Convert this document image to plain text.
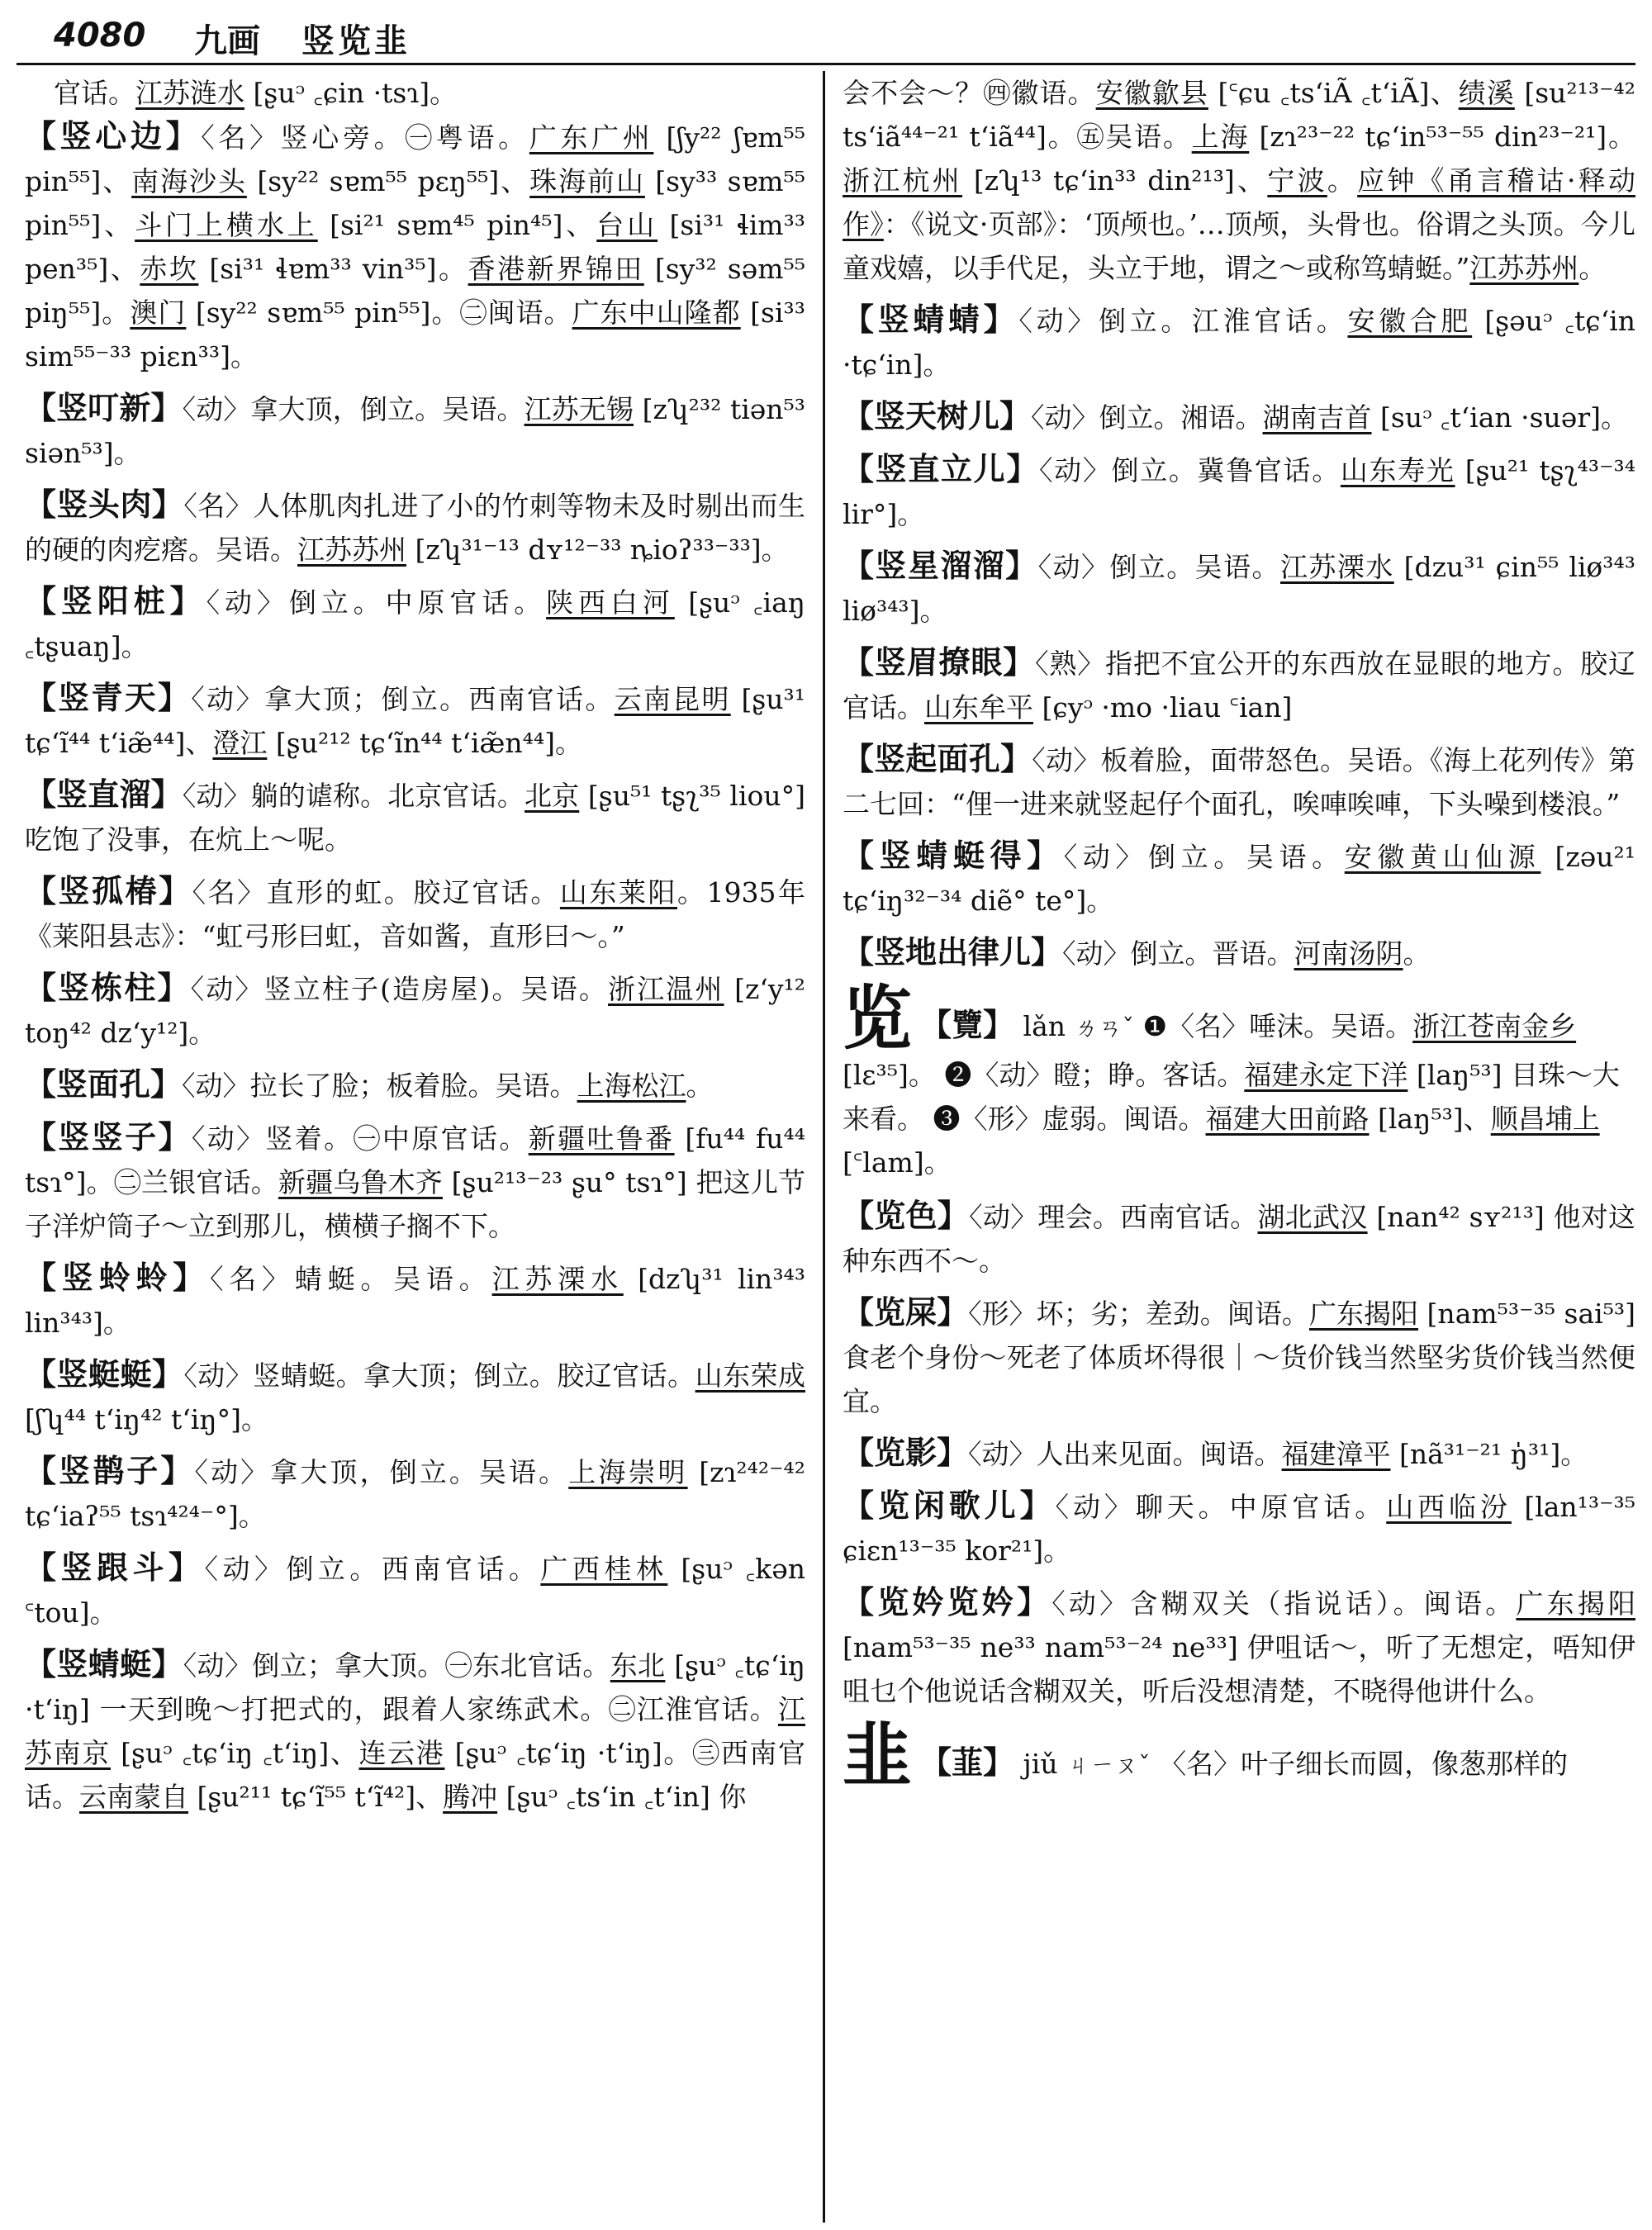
4080 九画 竖览韭
官话。江苏涟水 [ʂuᵓ ꜀ɕin ·tsɿ]。
【竖心边】〈名〉竖心旁。㊀粤语。广东广州 [ʃy²² ʃɐm⁵⁵ pin⁵⁵]、南海沙头 [sy²² sɐm⁵⁵ pɛŋ⁵⁵]、珠海前山 [sy³³ sɐm⁵⁵ pin⁵⁵]、斗门上横水上 [si²¹ sɐm⁴⁵ pin⁴⁵]、台山 [si³¹ ɬim³³ pen³⁵]、赤坎 [si³¹ ɬɐm³³ vin³⁵]。香港新界锦田 [sy³² səm⁵⁵ piŋ⁵⁵]。澳门 [sy²² sɐm⁵⁵ pin⁵⁵]。㊁闽语。广东中山隆都 [si³³ sim⁵⁵⁻³³ piɛn³³]。
【竖叮新】〈动〉拿大顶，倒立。吴语。江苏无锡 [zʮ²³² tiən⁵³ siən⁵³]。
【竖头肉】〈名〉人体肌肉扎进了小的竹刺等物未及时剔出而生的硬的肉疙瘩。吴语。江苏苏州 [zʮ³¹⁻¹³ dʏ¹²⁻³³ ȵioʔ³³⁻³³]。
【竖阳桩】〈动〉倒立。中原官话。陕西白河 [ʂuᵓ ꜀iaŋ ꜀tʂuaŋ]。
【竖青天】〈动〉拿大顶；倒立。西南官话。云南昆明 [ʂu³¹ tɕʻĩ⁴⁴ tʻiæ̃⁴⁴]、澄江 [ʂu²¹² tɕʻĩn⁴⁴ tʻiæ̃n⁴⁴]。
【竖直溜】〈动〉躺的谑称。北京官话。北京 [ʂu⁵¹ tʂʅ³⁵ liou°] 吃饱了没事，在炕上～呢。
【竖孤椿】〈名〉直形的虹。胶辽官话。山东莱阳。1935年《莱阳县志》：“虹弓形曰虹，音如酱，直形曰～。”
【竖栋柱】〈动〉竖立柱子(造房屋)。吴语。浙江温州 [zʻy¹² toŋ⁴² dzʻy¹²]。
【竖面孔】〈动〉拉长了脸；板着脸。吴语。上海松江。
【竖竖子】〈动〉竖着。㊀中原官话。新疆吐鲁番 [fu⁴⁴ fu⁴⁴ tsɿ°]。㊁兰银官话。新疆乌鲁木齐 [ʂu²¹³⁻²³ ʂu° tsɿ°] 把这儿节子洋炉筒子～立到那儿，横横子搁不下。
【竖蛉蛉】〈名〉蜻蜓。吴语。江苏溧水 [dzʮ³¹ lin³⁴³ lin³⁴³]。
【竖蜓蜓】〈动〉竖蜻蜓。拿大顶；倒立。胶辽官话。山东荣成 [ʃʮ⁴⁴ tʻiŋ⁴² tʻiŋ°]。
【竖鹊子】〈动〉拿大顶，倒立。吴语。上海崇明 [zɿ²⁴²⁻⁴² tɕʻiaʔ⁵⁵ tsɿ⁴²⁴⁻°]。
【竖跟斗】〈动〉倒立。西南官话。广西桂林 [ʂuᵓ ꜀kən ꜂tou]。
【竖蜻蜓】〈动〉倒立；拿大顶。㊀东北官话。东北 [ʂuᵓ ꜀tɕʻiŋ ·tʻiŋ] 一天到晚～打把式的，跟着人家练武术。㊁江淮官话。江苏南京 [ʂuᵓ ꜀tɕʻiŋ ꜀tʻiŋ]、连云港 [ʂuᵓ ꜀tɕʻiŋ ·tʻiŋ]。㊂西南官话。云南蒙自 [ʂu²¹¹ tɕʻĩ⁵⁵ tʻĩ⁴²]、腾冲 [ʂuᵓ ꜀tsʻin ꜀tʻin] 你
会不会～？㊃徽语。安徽歙县 [꜂ɕu ꜀tsʻiÃ ꜀tʻiÃ]、绩溪 [su²¹³⁻⁴² tsʻiã⁴⁴⁻²¹ tʻiã⁴⁴]。㊄吴语。上海 [zɿ²³⁻²² tɕʻin⁵³⁻⁵⁵ din²³⁻²¹]。浙江杭州 [zʮ¹³ tɕʻin³³ din²¹³]、宁波。应钟《甬言稽诂·释动作》：《说文·页部》：‘顶颅也。’…顶颅，头骨也。俗谓之头顶。今儿童戏嬉，以手代足，头立于地，谓之～或称笃蜻蜓。”江苏苏州。
【竖蜻蜻】〈动〉倒立。江淮官话。安徽合肥 [ʂəuᵓ ꜀tɕʻin ·tɕʻin]。
【竖天树儿】〈动〉倒立。湘语。湖南吉首 [suᵓ ꜀tʻian ·suər]。
【竖直立儿】〈动〉倒立。冀鲁官话。山东寿光 [ʂu²¹ tʂʅ⁴³⁻³⁴ lir°]。
【竖星溜溜】〈动〉倒立。吴语。江苏溧水 [dzu³¹ ɕin⁵⁵ liø³⁴³ liø³⁴³]。
【竖眉撩眼】〈熟〉指把不宜公开的东西放在显眼的地方。胶辽官话。山东牟平 [ɕyᵓ ·mo ·liau ꜂ian]
【竖起面孔】〈动〉板着脸，面带怒色。吴语。《海上花列传》第二七回：“俚一进来就竖起仔个面孔，唉唓唉唓，下头噪到楼浪。”
【竖蜻蜓得】〈动〉倒立。吴语。安徽黄山仙源 [zəu²¹ tɕʻiŋ³²⁻³⁴ diẽ° te°]。
【竖地出律儿】〈动〉倒立。晋语。河南汤阴。
览 【覽】 lǎn ㄌㄢˇ ❶〈名〉唾沫。吴语。浙江苍南金乡 [lɛ³⁵]。 ❷〈动〉瞪；睁。客话。福建永定下洋 [laŋ⁵³] 目珠～大来看。 ❸〈形〉虚弱。闽语。福建大田前路 [laŋ⁵³]、顺昌埔上 [꜂lam]。
【览色】〈动〉理会。西南官话。湖北武汉 [nan⁴² sʏ²¹³] 他对这种东西不～。
【览屎】〈形〉坏；劣；差劲。闽语。广东揭阳 [nam⁵³⁻³⁵ sai⁵³] 食老个身份～死老了体质坏得很｜～货价钱当然堅劣货价钱当然便宜。
【览影】〈动〉人出来见面。闽语。福建漳平 [nã³¹⁻²¹ ŋ̍³¹]。
【览闲歌儿】〈动〉聊天。中原官话。山西临汾 [lan¹³⁻³⁵ ɕiɛn¹³⁻³⁵ kor²¹]。
【览妗览妗】〈动〉含糊双关（指说话）。闽语。广东揭阳 [nam⁵³⁻³⁵ ne³³ nam⁵³⁻²⁴ ne³³] 伊咀话～，听了无想定，唔知伊咀乜个他说话含糊双关，听后没想清楚，不晓得他讲什么。
韭 【韮】 jiǔ ㄐㄧㄡˇ 〈名〉叶子细长而圆，像葱那样的
